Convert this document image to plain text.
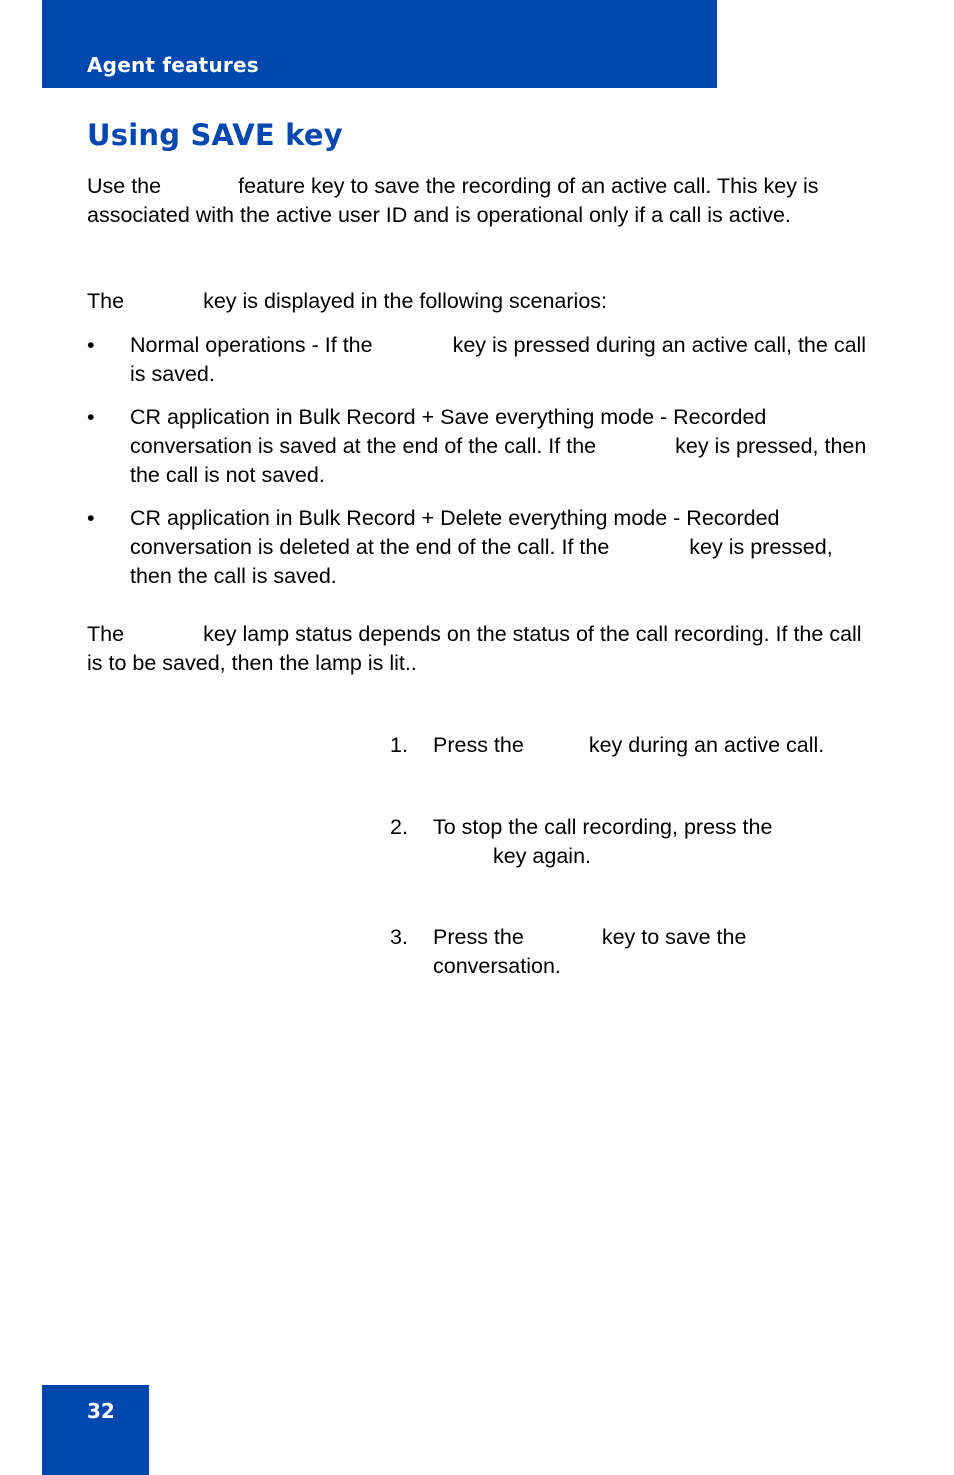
Agent features
Using SAVE key

Use the	feature key to save the recording of an active call. This key is associated with the active user ID and is operational only if a call is active.

The	key is displayed in the following scenarios:

•	Normal operations - If the	key is pressed during an active call, the call is saved.
•	CR application in Bulk Record + Save everything mode - Recorded conversation is saved at the end of the call. If the	key is pressed, then the call is not saved.
•	CR application in Bulk Record + Delete everything mode - Recorded conversation is deleted at the end of the call. If the	key is pressed, then the call is saved.

The	key lamp status depends on the status of the call recording. If the call is to be saved, then the lamp is lit..

1. Press the	key during an active call.
2. To stop the call recording, press the
key again.
3. Press the	key to save the conversation.
32
